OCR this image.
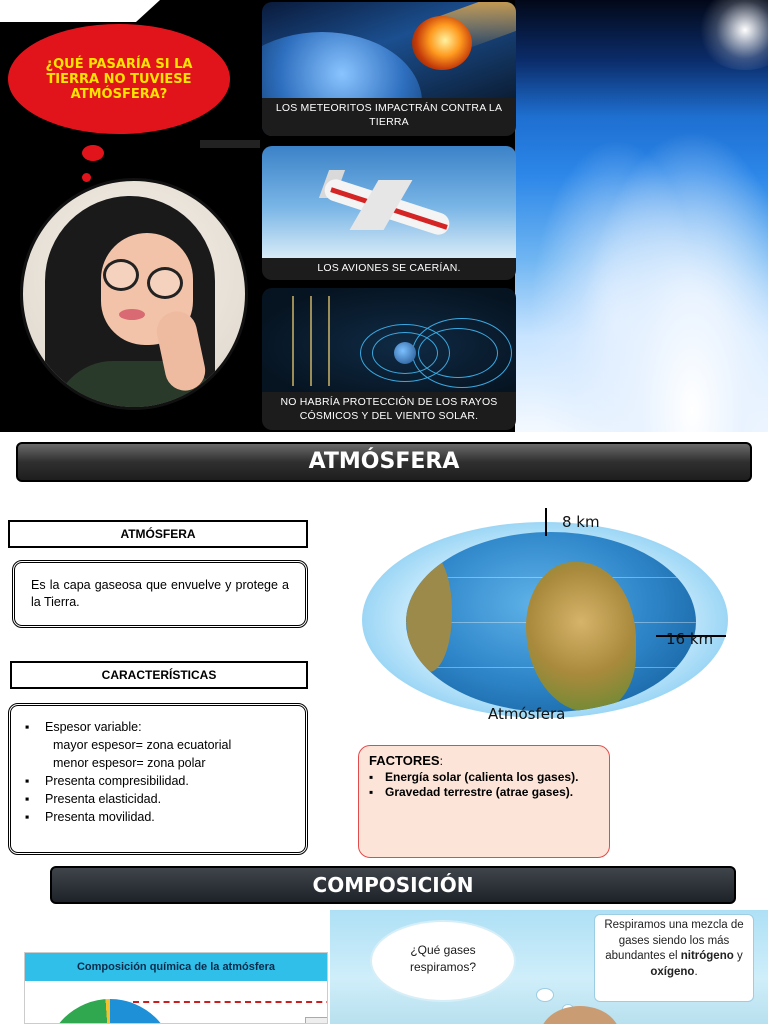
¿QUÉ PASARÍA SI LA TIERRA NO TUVIESE ATMÓSFERA?
LOS METEORITOS IMPACTRÁN CONTRA LA TIERRA
LOS AVIONES SE CAERÍAN.
NO HABRÍA PROTECCIÓN DE LOS RAYOS CÓSMICOS Y DEL VIENTO SOLAR.
ATMÓSFERA
ATMÓSFERA
Es la capa gaseosa que envuelve y protege a la Tierra.
CARACTERÍSTICAS
▪	Espesor variable:
mayor espesor= zona ecuatorial
menor espesor= zona polar
▪	Presenta compresibilidad.
▪	Presenta elasticidad.
▪	Presenta movilidad.
8 km
16 km
Atmósfera
FACTORES:
▪ Energía solar (calienta los gases).
▪ Gravedad terrestre (atrae gases).
COMPOSICIÓN
Composición química de la atmósfera
¿Qué gases respiramos?
Respiramos una mezcla de gases siendo los más abundantes el nitrógeno y oxígeno.
